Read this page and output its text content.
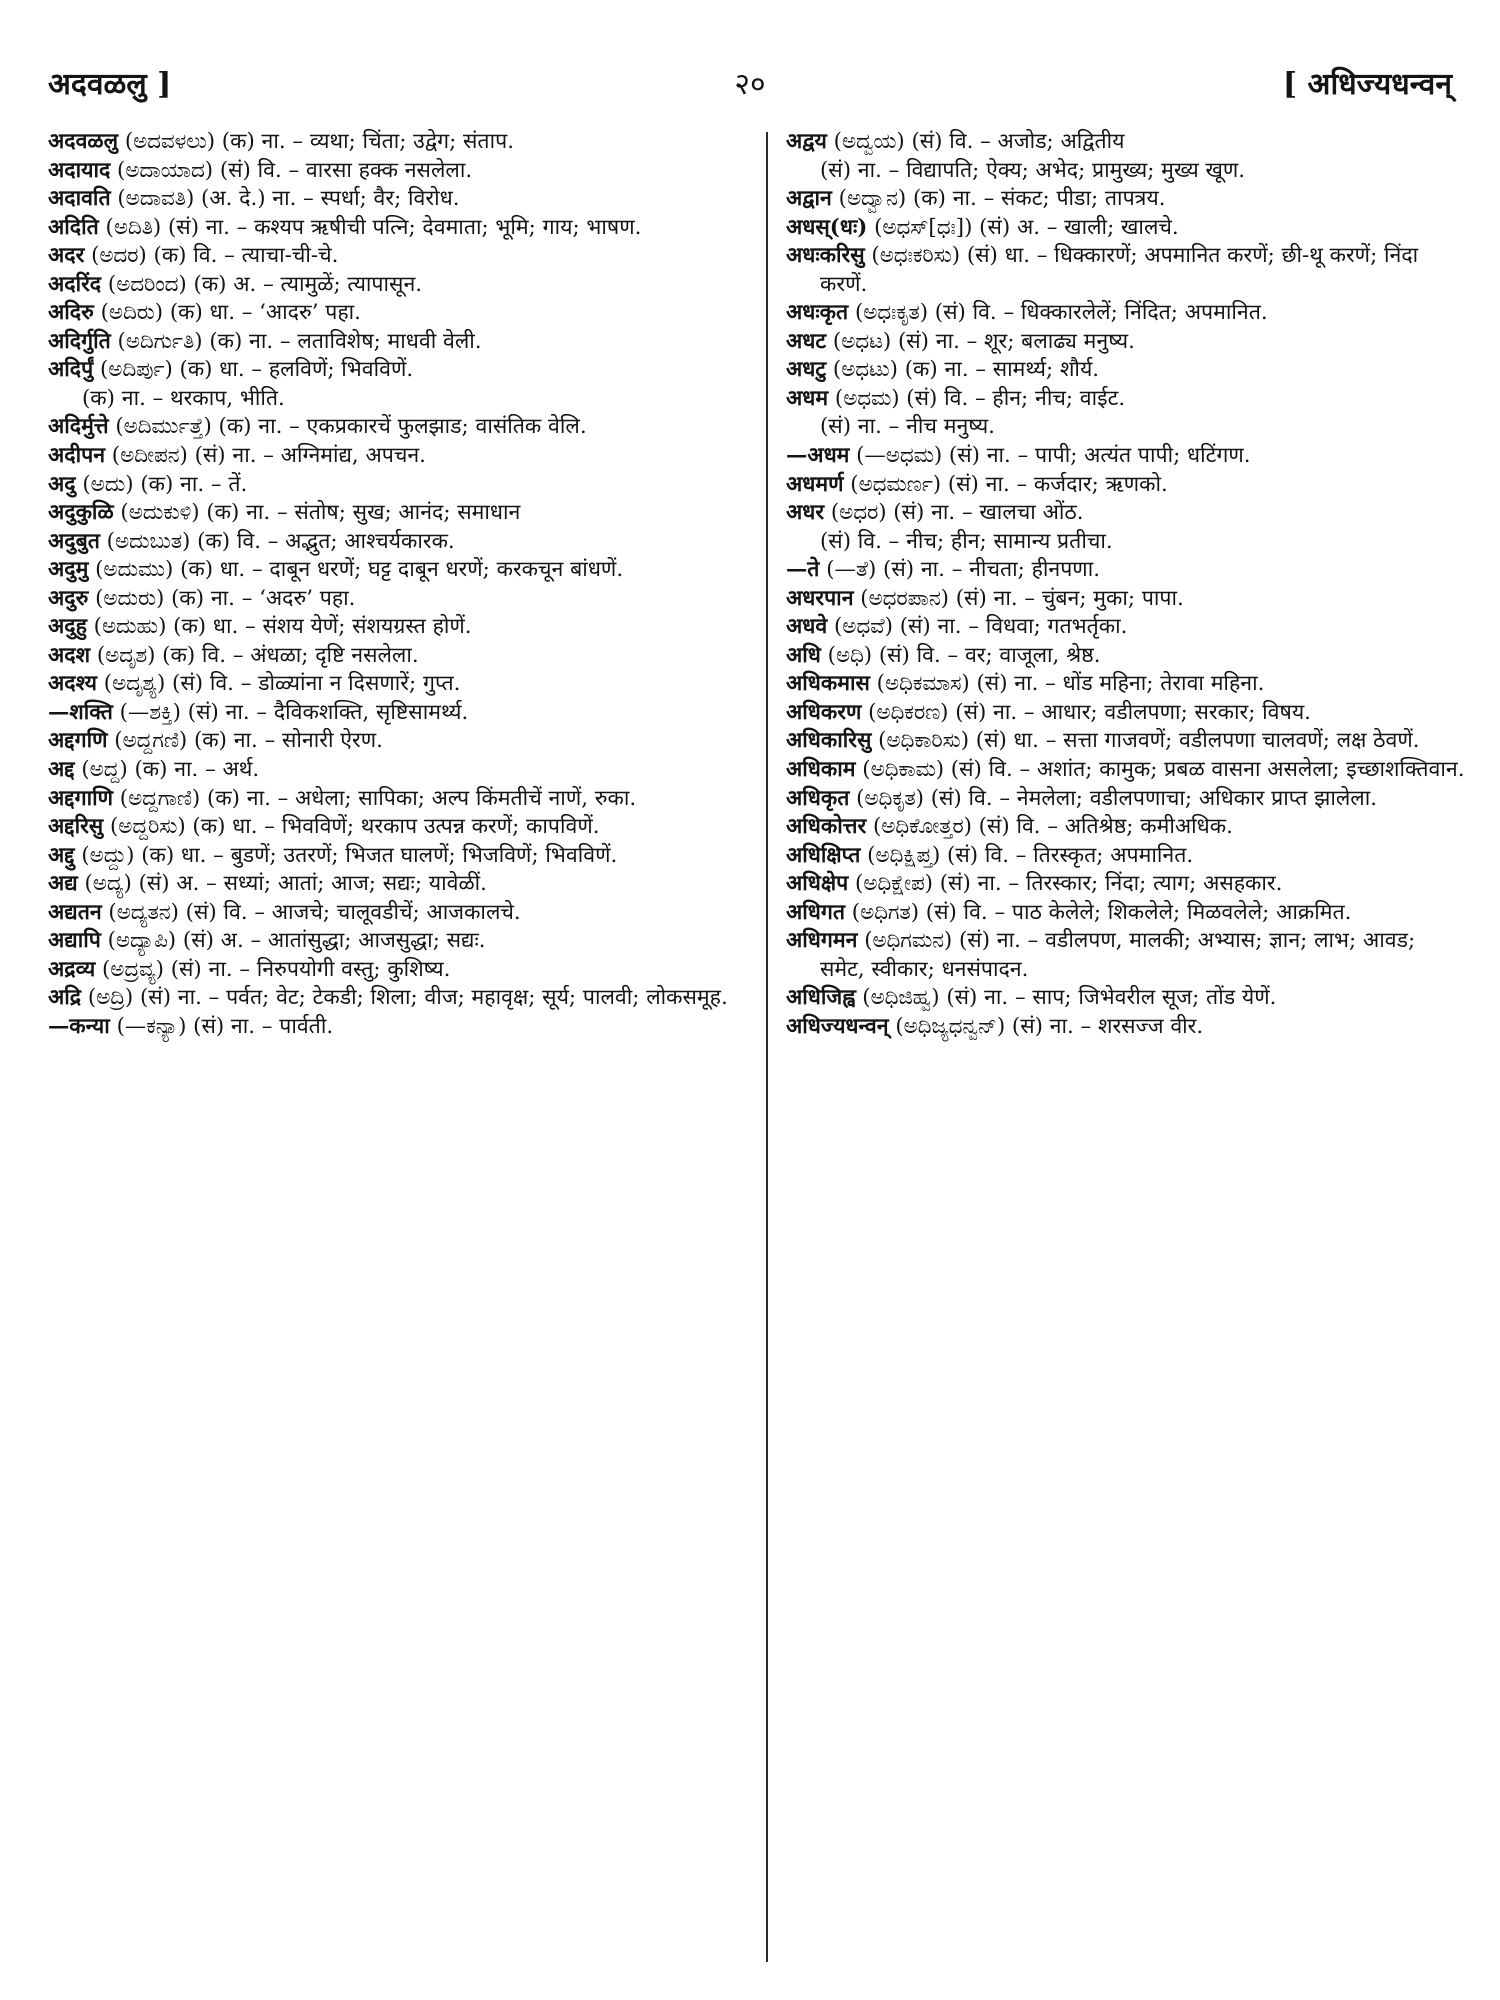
अदवळलु ]	२०	[ अधिज्यधन्वन्
अदवळलु (ಅದವಳಲು) (क) ना. – व्यथा; चिंता; उद्वेग; संताप.
अदायाद (ಅದಾಯಾದ) (सं) वि. – वारसा हक्क नसलेला.
अदावति (ಅದಾವತಿ) (अ. दे.) ना. – स्पर्धा; वैर; विरोध.
अदिति (ಅದಿತಿ) (सं) ना. – कश्यप ऋषीची पत्नि; देवमाता; भूमि; गाय; भाषण.
अदर (ಅದರ) (क) वि. – त्याचा-ची-चे.
अदरिंद (ಅದರಿಂದ) (क) अ. – त्यामुळें; त्यापासून.
अदिरु (ಅದಿರು) (क) धा. – ‘आदरु’ पहा.
अदिर्गुति (ಅದಿರ್ಗುತಿ) (क) ना. – लताविशेष; माधवी वेली.
अदिर्पुं (ಅದಿರ್ಪು) (क) धा. – हलविणें; भिवविणें.
(क) ना. – थरकाप, भीति.
अदिर्मुत्ते (ಅದಿರ್ಮುತ್ತೆ) (क) ना. – एकप्रकारचें फुलझाड; वासंतिक वेलि.
अदीपन (ಅದೀಪನ) (सं) ना. – अग्निमांद्य, अपचन.
अदु (ಅದು) (क) ना. – तें.
अदुकुळि (ಅದುಕುಳಿ) (क) ना. – संतोष; सुख; आनंद; समाधान
अदुबुत (ಅದುಬುತ) (क) वि. – अद्भुत; आश्चर्यकारक.
अदुमु (ಅದುಮು) (क) धा. – दाबून धरणें; घट्ट दाबून धरणें; करकचून बांधणें.
अदुरु (ಅದುರು) (क) ना. – ‘अदरु’ पहा.
अदुहु (ಅದುಹು) (क) धा. – संशय येणें; संशयग्रस्त होणें.
अदश (ಅದೃಶ) (क) वि. – अंधळा; दृष्टि नसलेला.
अदश्य (ಅದೃಶ್ಯ) (सं) वि. – डोळ्यांना न दिसणारें; गुप्त.
—शक्ति (—ಶಕ್ತಿ) (सं) ना. – दैविकशक्ति, सृष्टिसामर्थ्य.
अद्दगणि (ಅದ್ದಗಣಿ) (क) ना. – सोनारी ऐरण.
अद्द (ಅದ್ದ) (क) ना. – अर्थ.
अद्दगाणि (ಅದ್ದಗಾಣಿ) (क) ना. – अधेला; सापिका; अल्प किंमतीचें नाणें, रुका.
अद्दरिसु (ಅದ್ದರಿಸು) (क) धा. – भिवविणें; थरकाप उत्पन्न करणें; कापविणें.
अद्दु (ಅದ್ದು) (क) धा. – बुडणें; उतरणें; भिजत घालणें; भिजविणें; भिवविणें.
अद्य (ಅದ್ಯ) (सं) अ. – सध्यां; आतां; आज; सद्यः; यावेळीं.
अद्यतन (ಅದ್ಯತನ) (सं) वि. – आजचे; चालूवडीचें; आजकालचे.
अद्यापि (ಅದ್ಯಾಪಿ) (सं) अ. – आतांसुद्धा; आजसुद्धा; सद्यः.
अद्रव्य (ಅದ್ರವ್ಯ) (सं) ना. – निरुपयोगी वस्तु; कुशिष्य.
अद्रि (ಅದ್ರಿ) (सं) ना. – पर्वत; वेट; टेकडी; शिला; वीज; महावृक्ष; सूर्य; पालवी; लोकसमूह.
—कन्या (—ಕನ್ಯಾ) (सं) ना. – पार्वती.
अद्वय (ಅದ್ವಯ) (सं) वि. – अजोड; अद्वितीय
(सं) ना. – विद्यापति; ऐक्य; अभेद; प्रामुख्य; मुख्य खूण.
अद्वान (ಅದ್ವಾನ) (क) ना. – संकट; पीडा; तापत्रय.
अधस्(धः) (ಅಧಸ್[ಧಃ]) (सं) अ. – खाली; खालचे.
अधःकरिसु (ಅಧಃಕರಿಸು) (सं) धा. – धिक्कारणें; अपमानित करणें; छी-थू करणें; निंदा करणें.
अधःकृत (ಅಧಃಕೃತ) (सं) वि. – धिक्कारलेलें; निंदित; अपमानित.
अधट (ಅಧಟ) (सं) ना. – शूर; बलाढ्य मनुष्य.
अधटु (ಅಧಟು) (क) ना. – सामर्थ्य; शौर्य.
अधम (ಅಧಮ) (सं) वि. – हीन; नीच; वाईट.
(सं) ना. – नीच मनुष्य.
—अधम (—ಅಧಮ) (सं) ना. – पापी; अत्यंत पापी; धटिंगण.
अधमर्ण (ಅಧಮರ್ಣ) (सं) ना. – कर्जदार; ऋणको.
अधर (ಅಧರ) (सं) ना. – खालचा ओंठ.
(सं) वि. – नीच; हीन; सामान्य प्रतीचा.
—ते (—ತೆ) (सं) ना. – नीचता; हीनपणा.
अधरपान (ಅಧರಪಾನ) (सं) ना. – चुंबन; मुका; पापा.
अधवे (ಅಧವೆ) (सं) ना. – विधवा; गतभर्तृका.
अधि (ಅಧಿ) (सं) वि. – वर; वाजूला, श्रेष्ठ.
अधिकमास (ಅಧಿಕಮಾಸ) (सं) ना. – धोंड महिना; तेरावा महिना.
अधिकरण (ಅಧಿಕರಣ) (सं) ना. – आधार; वडीलपणा; सरकार; विषय.
अधिकारिसु (ಅಧಿಕಾರಿಸು) (सं) धा. – सत्ता गाजवणें; वडीलपणा चालवणें; लक्ष ठेवणें.
अधिकाम (ಅಧಿಕಾಮ) (सं) वि. – अशांत; कामुक; प्रबळ वासना असलेला; इच्छाशक्तिवान.
अधिकृत (ಅಧಿಕೃತ) (सं) वि. – नेमलेला; वडीलपणाचा; अधिकार प्राप्त झालेला.
अधिकोत्तर (ಅಧಿಕೋತ್ತರ) (सं) वि. – अतिश्रेष्ठ; कमीअधिक.
अधिक्षिप्त (ಅಧಿಕ್ಷಿಪ್ತ) (सं) वि. – तिरस्कृत; अपमानित.
अधिक्षेप (ಅಧಿಕ್ಷೇಪ) (सं) ना. – तिरस्कार; निंदा; त्याग; असहकार.
अधिगत (ಅಧಿಗತ) (सं) वि. – पाठ केलेले; शिकलेले; मिळवलेले; आक्रमित.
अधिगमन (ಅಧಿಗಮನ) (सं) ना. – वडीलपण, मालकी; अभ्यास; ज्ञान; लाभ; आवड; समेट, स्वीकार; धनसंपादन.
अधिजिह्व (ಅಧಿಜಿಹ್ವ) (सं) ना. – साप; जिभेवरील सूज; तोंड येणें.
अधिज्यधन्वन् (ಅಧಿಜ್ಯಧನ್ವನ್) (सं) ना. – शरसज्ज वीर.
